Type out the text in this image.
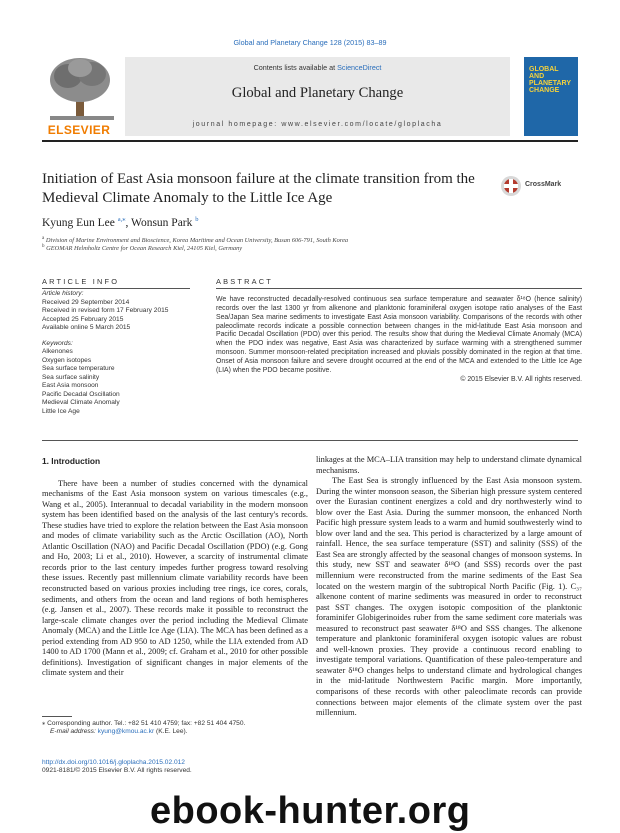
Global and Planetary Change 128 (2015) 83–89
ELSEVIER
Contents lists available at ScienceDirect
Global and Planetary Change
journal homepage: www.elsevier.com/locate/gloplacha
GLOBAL AND PLANETARY CHANGE
Initiation of East Asia monsoon failure at the climate transition from the Medieval Climate Anomaly to the Little Ice Age
CrossMark
Kyung Eun Lee $^{a,⁎}$, Wonsun Park $^b$
$^a$ Division of Marine Environment and Bioscience, Korea Maritime and Ocean University, Busan 606-791, South Korea
$^b$ GEOMAR Helmholtz Centre for Ocean Research Kiel, 24105 Kiel, Germany
ARTICLE INFO	ABSTRACT
Article history:
Received 29 September 2014
Received in revised form 17 February 2015
Accepted 25 February 2015
Available online 5 March 2015
Keywords:
Alkenones
Oxygen isotopes
Sea surface temperature
Sea surface salinity
East Asia monsoon
Pacific Decadal Oscillation
Medieval Climate Anomaly
Little Ice Age
We have reconstructed decadally-resolved continuous sea surface temperature and seawater δ¹⁸O (hence salinity) records over the last 1300 yr from alkenone and planktonic foraminiferal oxygen isotope ratio analyses of the East Sea/Japan Sea marine sediments to investigate East Asia monsoon variability. Comparisons of the records with other paleoclimate records indicate a possible connection between changes in the mid-latitude East Asia monsoon and Pacific Decadal Oscillation (PDO) over this period. The results show that during the Medieval Climate Anomaly (MCA) when the PDO index was negative, East Asia was characterized by surface warming with a strengthened summer monsoon. Summer monsoon-related precipitation increased and pluvials possibly dominated in the region at that time. Onset of Asia monsoon failure and severe drought occurred at the end of the MCA and extended to the Little Ice Age (LIA) when the PDO became positive.
© 2015 Elsevier B.V. All rights reserved.
1. Introduction

There have been a number of studies concerned with the dynamical mechanisms of the East Asia monsoon system on various timescales (e.g., Wang et al., 2005). Interannual to decadal variability in the modern monsoon system has been identified based on the analysis of the last century's records. These studies have tried to explore the relation between the East Asia monsoon and modes of climate variability such as the Arctic Oscillation (AO), North Atlantic Oscillation (NAO) and Pacific Decadal Oscillation (PDO) (e.g. Gong and Ho, 2003; Li et al., 2010). However, a scarcity of instrumental climate records prior to the last century impedes further progress toward resolving these issues. Recently past millennium climate variability records have been reconstructed based on various proxies including tree rings, ice cores, corals, sediments, and others from the ocean and land regions of both hemispheres (e.g. Jansen et al., 2007). These records make it possible to reconstruct the large-scale climate changes over the period including the Medieval Climate Anomaly (MCA) and the Little Ice Age (LIA). The MCA has been defined as a period extending from AD 950 to AD 1250, while the LIA extended from AD 1400 to AD 1700 (Mann et al., 2009; cf. Graham et al., 2010 for other possible definitions). Investigation of significant changes in major elements of the climate system and their

linkages at the MCA–LIA transition may help to understand climate dynamical mechanisms.

The East Sea is strongly influenced by the East Asia monsoon system. During the winter monsoon season, the Siberian high pressure system centered over the Eurasian continent energizes a cold and dry northwesterly wind to blow over the East Asia. During the summer monsoon, the enhanced North Pacific high pressure system leads to a warm and humid southwesterly wind to blow over land and the sea. This period is characterized by a large amount of rainfall. Hence, the sea surface temperature (SST) and salinity (SSS) of the East Sea are strongly affected by the seasonal changes of monsoon systems. In this study, new SST and seawater δ¹⁸O (and SSS) records over the past millennium were reconstructed from the marine sediments of the East Sea located on the western margin of the subtropical North Pacific (Fig. 1). C₃₇ alkenone content of marine sediments was measured in order to reconstruct past SST changes. The oxygen isotopic composition of the planktonic foraminifer Globigerinoides ruber from the same sediment core materials was measured to reconstruct past seawater δ¹⁸O and SSS changes. The alkenone temperature and planktonic foraminiferal oxygen isotopic values are robust and well-known proxies. They provide a continuous record enabling to investigate temporal variations. Quantification of these paleo-temperature and seawater δ¹⁸O changes helps to understand climate and hydrological changes in the mid-latitude Northwestern Pacific margin. More importantly, comparisons of these records with other paleoclimate records can provide connections between major elements of the climate system over the past millennium.

⁎ Corresponding author. Tel.: +82 51 410 4759; fax: +82 51 404 4750.
E-mail address: kyung@kmou.ac.kr (K.E. Lee).
http://dx.doi.org/10.1016/j.gloplacha.2015.02.012
0921-8181/© 2015 Elsevier B.V. All rights reserved.
ebook-hunter.org
